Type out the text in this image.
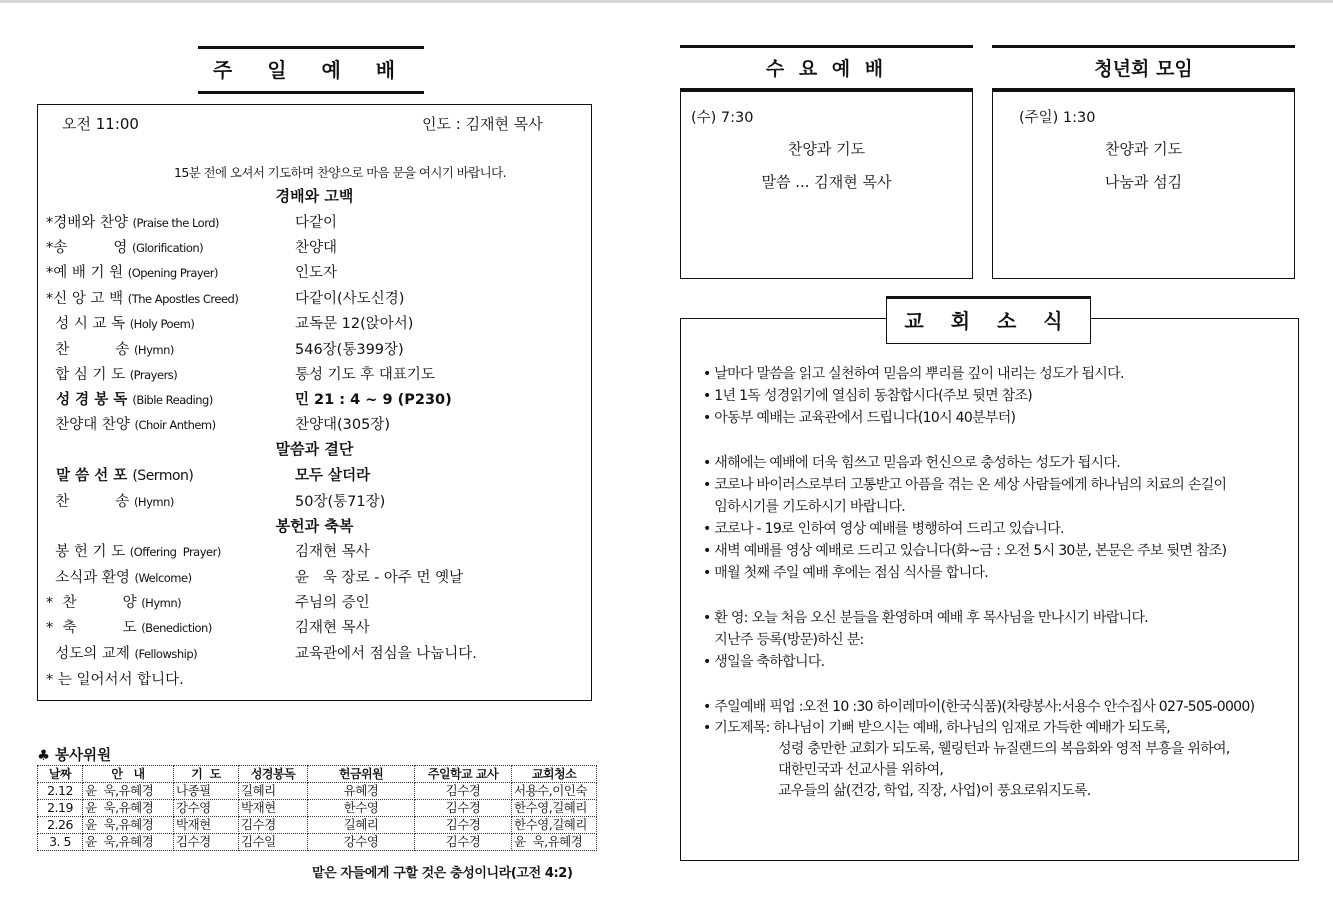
주 일 예 배
오전 11:00	인도 : 김재현 목사
15분 전에 오셔서 기도하며 찬양으로 마음 문을 여시기 바랍니다.
경배와 고백
*경배와 찬양 (Praise the Lord)	다같이
*송          영 (Glorification)	찬양대
*예 배 기 원 (Opening Prayer)	인도자
*신 앙 고 백 (The Apostles Creed)	다같이(사도신경)
성 시 교 독 (Holy Poem)	교독문 12(앉아서)
찬          송 (Hymn)	546장(통399장)
합 심 기 도 (Prayers)	통성 기도 후 대표기도
성 경 봉 독 (Bible Reading)	민 21 : 4 ~ 9 (P230)
찬양대 찬양 (Choir Anthem)	찬양대(305장)
말씀과 결단
말 씀 선 포 (Sermon)	모두 살더라
찬          송 (Hymn)	50장(통71장)
봉헌과 축복
봉 헌 기 도 (Offering  Prayer)	김재현 목사
소식과 환영 (Welcome)	윤   욱 장로 - 아주 먼 옛날
*  찬          양 (Hymn)	주님의 증인
*  축          도 (Benediction)	김재현 목사
성도의 교제 (Fellowship)	교육관에서 점심을 나눕니다.
* 는 일어서서 합니다.
수 요 예 배
(수) 7:30
찬양과 기도
말씀 ... 김재현 목사
청년회 모임
(주일) 1:30
찬양과 기도
나눔과 섬김
• 날마다 말씀을 읽고 실천하여 믿음의 뿌리를 깊이 내리는 성도가 됩시다.
• 1년 1독 성경읽기에 열심히 동참합시다(주보 뒷면 참조)
• 아동부 예배는 교육관에서 드립니다(10시 40분부터)
• 새해에는 예배에 더욱 힘쓰고 믿음과 헌신으로 충성하는 성도가 됩시다.
• 코로나 바이러스로부터 고통받고 아픔을 겪는 온 세상 사람들에게 하나님의 치료의 손길이
임하시기를 기도하시기 바랍니다.
• 코로나 - 19로 인하여 영상 예배를 병행하여 드리고 있습니다.
• 새벽 예배를 영상 예배로 드리고 있습니다(화~금 : 오전 5시 30분, 본문은 주보 뒷면 참조)
• 매월 첫째 주일 예배 후에는 점심 식사를 합니다.
• 환 영: 오늘 처음 오신 분들을 환영하며 예배 후 목사님을 만나시기 바랍니다.
지난주 등록(방문)하신 분:
• 생일을 축하합니다.
• 주일예배 픽업 :오전 10 :30 하이레마이(한국식품)(차량봉사:서용수 안수집사 027-505-0000)
• 기도제목: 하나님이 기뻐 받으시는 예배, 하나님의 임재로 가득한 예배가 되도록,
성령 충만한 교회가 되도록, 웰링턴과 뉴질랜드의 복음화와 영적 부흥을 위하여,
대한민국과 선교사를 위하여,
교우들의 삶(건강, 학업, 직장, 사업)이 풍요로워지도록.
교 회 소 식
♣ 봉사위원
날짜	안   내	기  도	성경봉독	헌금위원	주일학교 교사	교회청소
2.12	윤  욱,유혜경	나종필	길혜리	유혜경	김수경	서용수,이인숙
2.19	윤  욱,유혜경	강수영	박재현	한수영	김수경	한수영,길혜리
2.26	윤  욱,유혜경	박재현	김수경	길혜리	김수경	한수영,길혜리
3. 5	윤  욱,유혜경	김수경	김수일	강수영	김수경	윤  욱,유혜경
맡은 자들에게 구할 것은 충성이니라(고전 4:2)
